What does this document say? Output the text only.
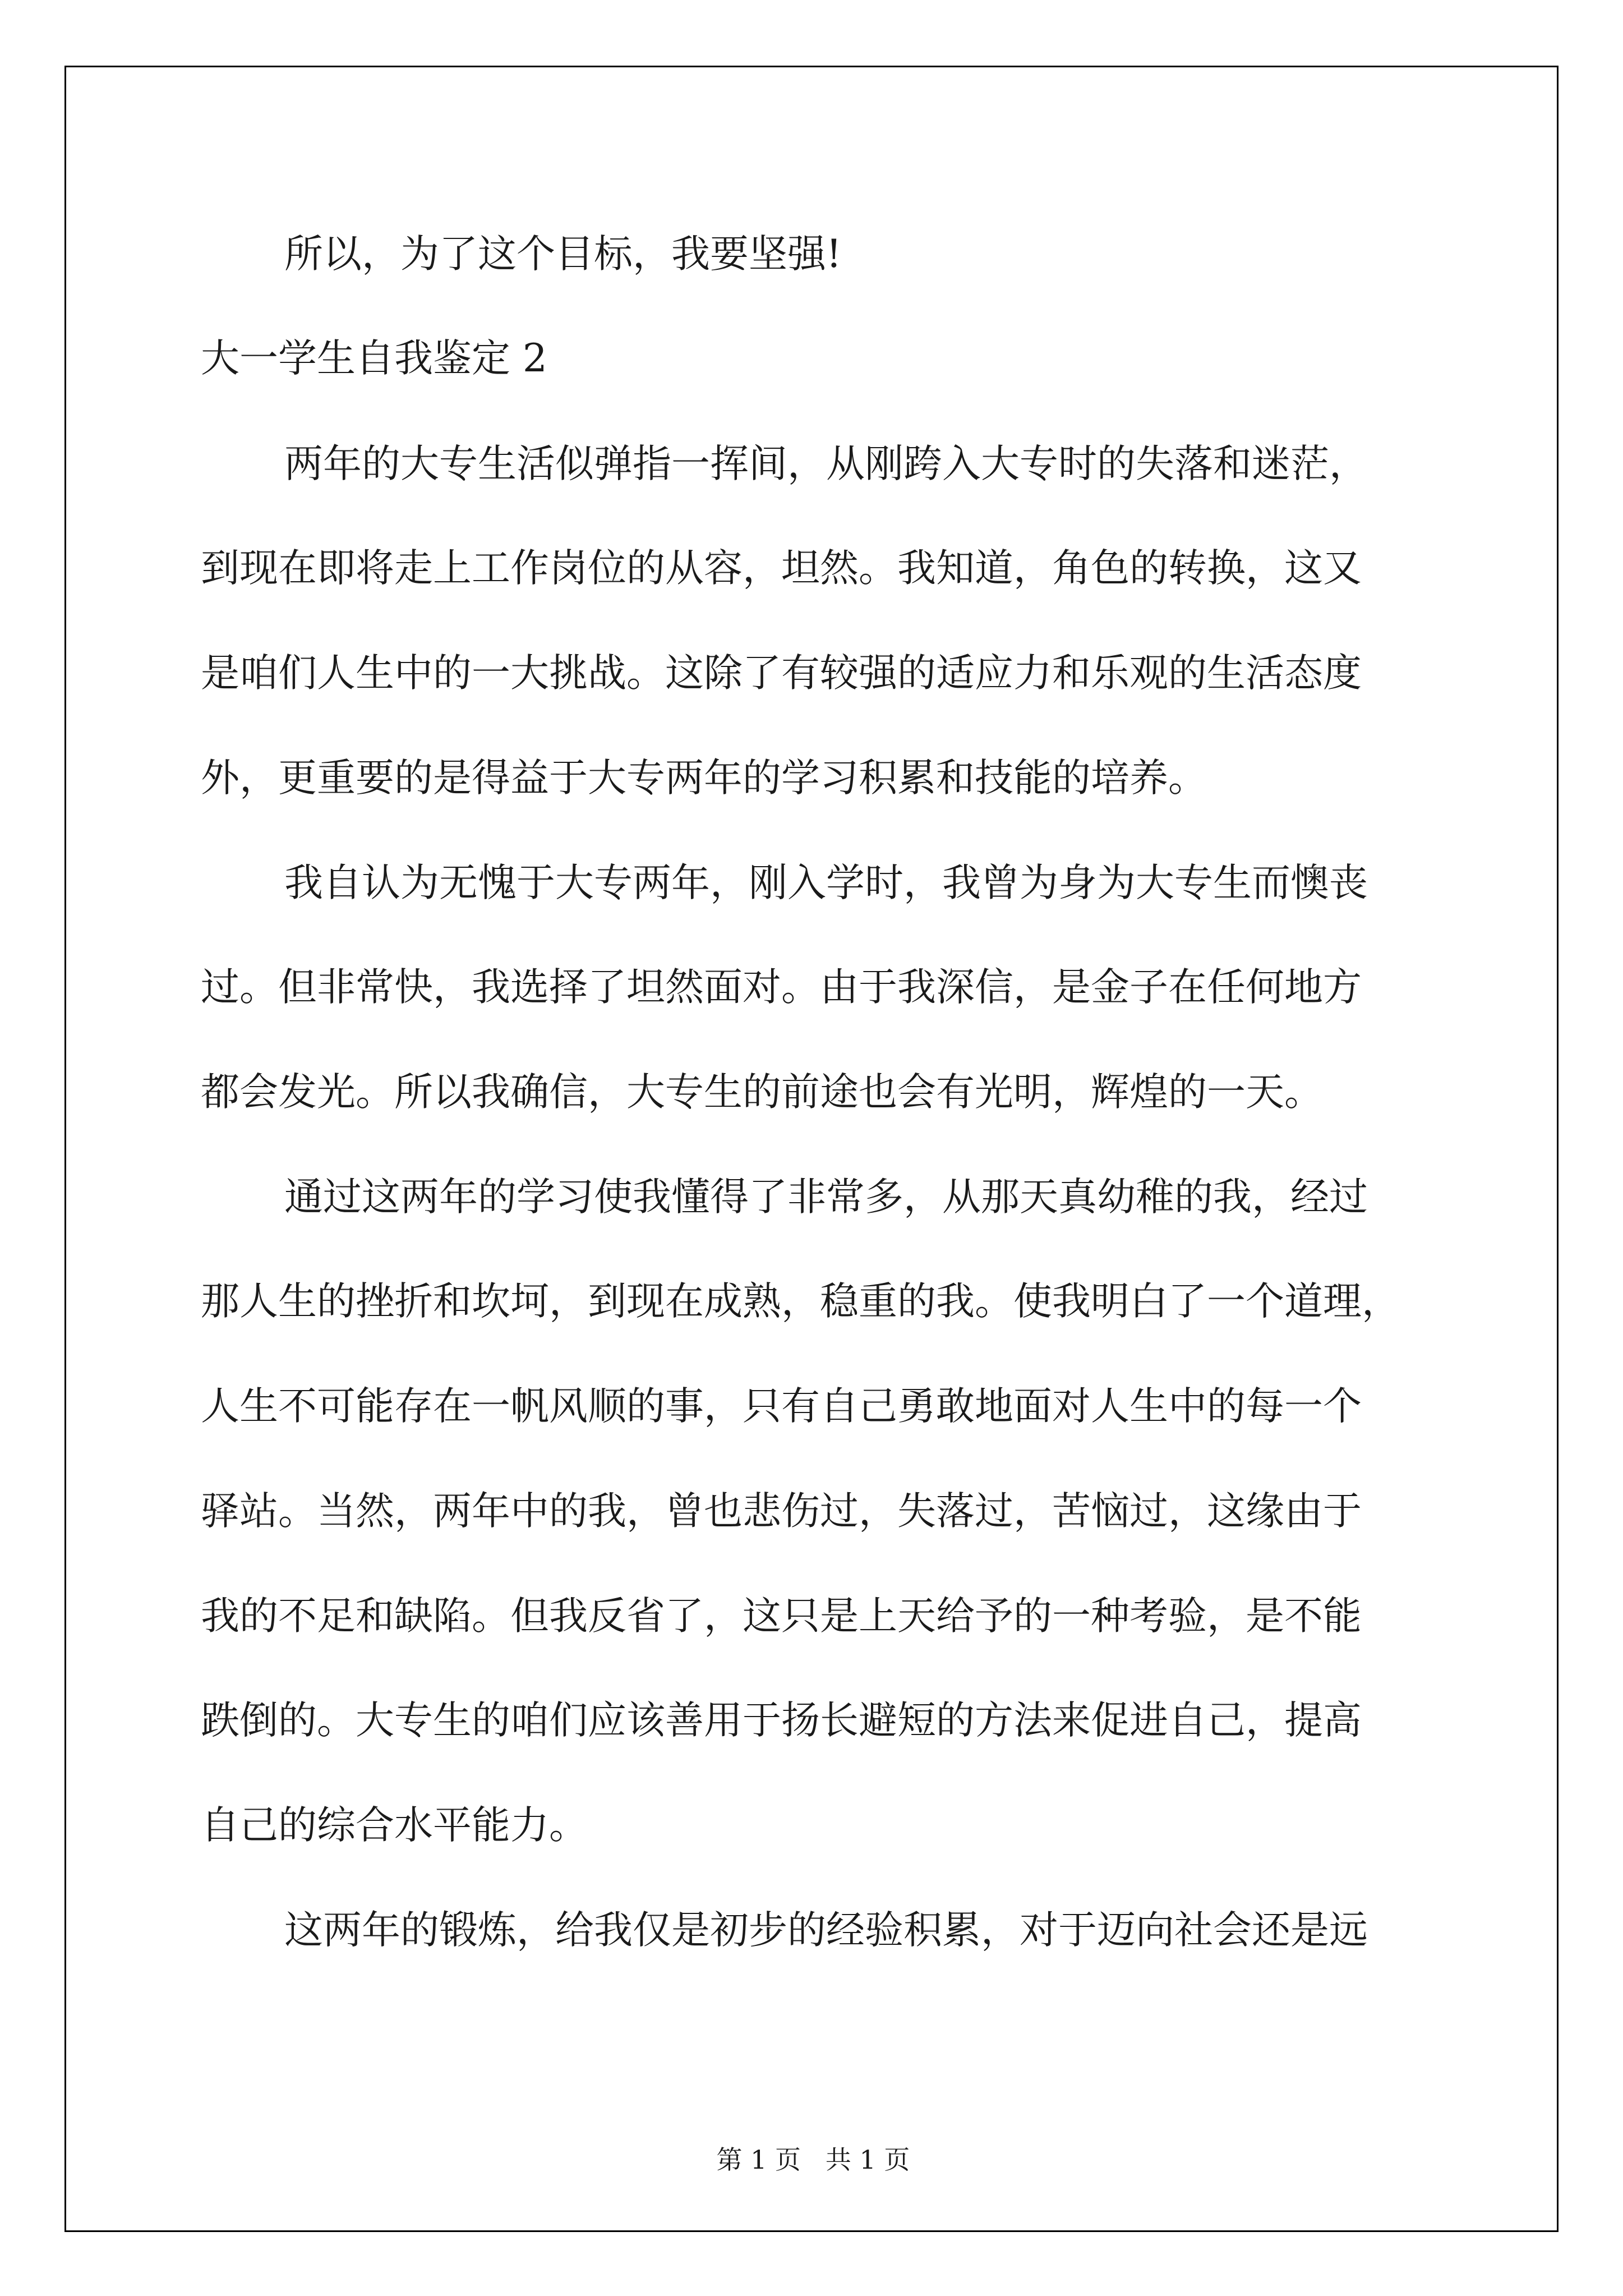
所以，为了这个目标，我要坚强!

大一学生自我鉴定 2

两年的大专生活似弹指一挥间，从刚跨入大专时的失落和迷茫，

到现在即将走上工作岗位的从容，坦然。我知道，角色的转换，这又

是咱们人生中的一大挑战。这除了有较强的适应力和乐观的生活态度

外，更重要的是得益于大专两年的学习积累和技能的培养。

我自认为无愧于大专两年，刚入学时，我曾为身为大专生而懊丧

过。但非常快，我选择了坦然面对。由于我深信，是金子在任何地方

都会发光。所以我确信，大专生的前途也会有光明，辉煌的一天。

通过这两年的学习使我懂得了非常多，从那天真幼稚的我，经过

那人生的挫折和坎坷，到现在成熟，稳重的我。使我明白了一个道理，

人生不可能存在一帆风顺的事，只有自己勇敢地面对人生中的每一个

驿站。当然，两年中的我，曾也悲伤过，失落过，苦恼过，这缘由于

我的不足和缺陷。但我反省了，这只是上天给予的一种考验，是不能

跌倒的。大专生的咱们应该善用于扬长避短的方法来促进自己，提高

自己的综合水平能力。

这两年的锻炼，给我仅是初步的经验积累，对于迈向社会还是远

第 1 页   共 1 页
